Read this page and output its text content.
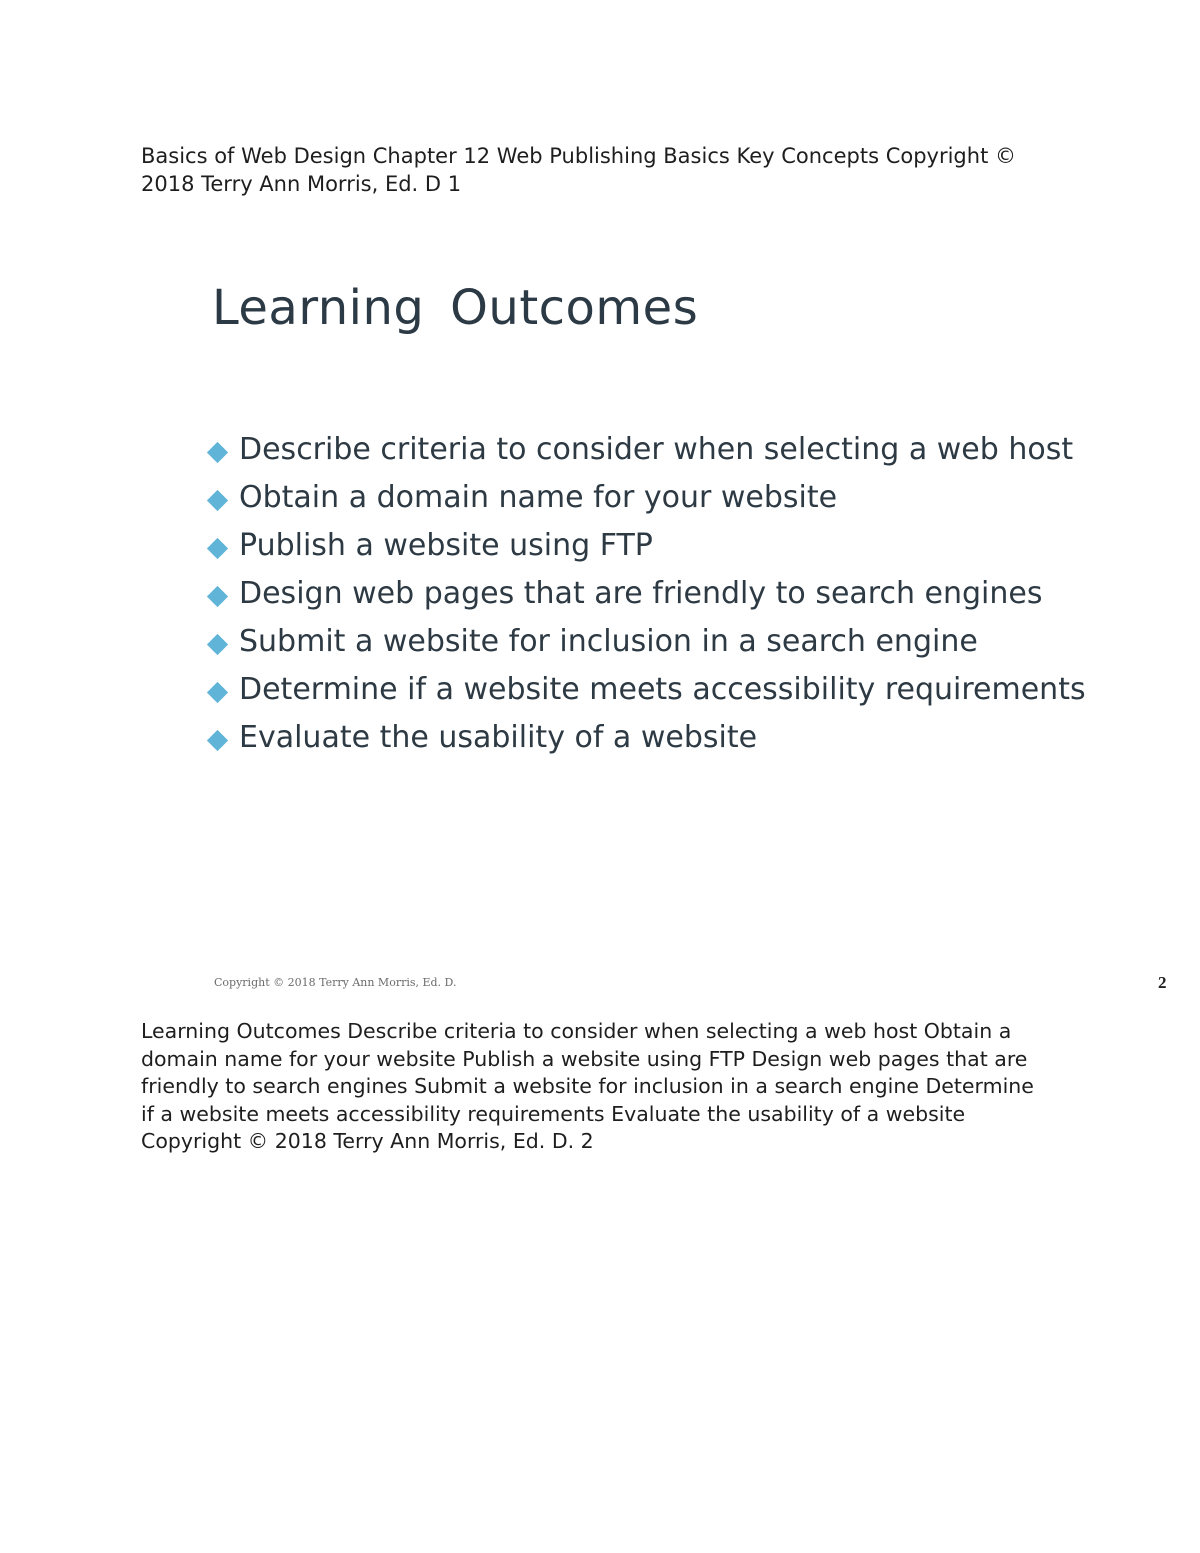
Basics of Web Design Chapter 12 Web Publishing Basics Key Concepts Copyright © 2018 Terry Ann Morris, Ed. D 1

Learning Outcomes
Describe criteria to consider when selecting a web host
Obtain a domain name for your website
Publish a website using FTP
Design web pages that are friendly to search engines
Submit a website for inclusion in a search engine
Determine if a website meets accessibility requirements
Evaluate the usability of a website

Copyright © 2018 Terry Ann Morris, Ed. D.	2

Learning Outcomes Describe criteria to consider when selecting a web host Obtain a domain name for your website Publish a website using FTP Design web pages that are friendly to search engines Submit a website for inclusion in a search engine Determine if a website meets accessibility requirements Evaluate the usability of a website Copyright © 2018 Terry Ann Morris, Ed. D. 2
